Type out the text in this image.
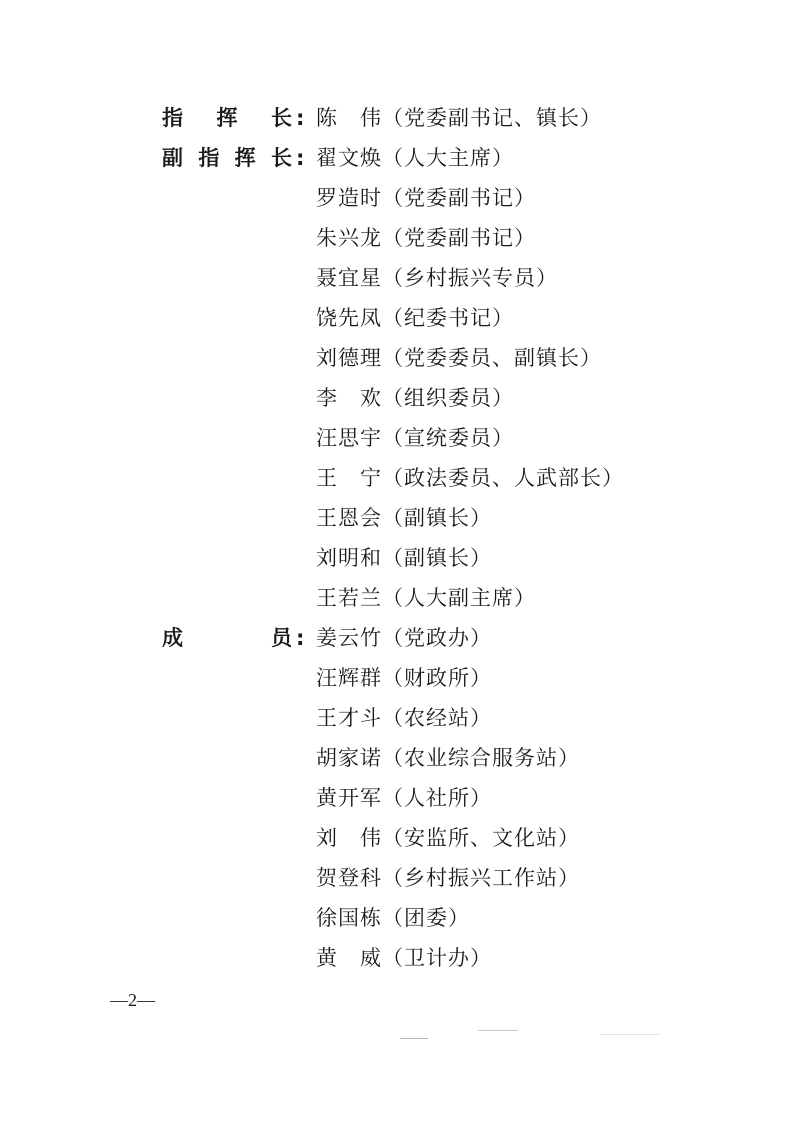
指 挥 长 : 陈　伟（党委副书记、镇长）
副 指 挥 长 : 翟文焕（人大主席）
罗造时（党委副书记）
朱兴龙（党委副书记）
聂宜星（乡村振兴专员）
饶先凤（纪委书记）
刘德理（党委委员、副镇长）
李　欢（组织委员）
汪思宇（宣统委员）
王　宁（政法委员、人武部长）
王恩会（副镇长）
刘明和（副镇长）
王若兰（人大副主席）
成	员 : 姜云竹（党政办）
汪辉群（财政所）
王才斗（农经站）
胡家诺（农业综合服务站）
黄开军（人社所）
刘　伟（安监所、文化站）
贺登科（乡村振兴工作站）
徐国栋（团委）
黄　威（卫计办）
—2—
